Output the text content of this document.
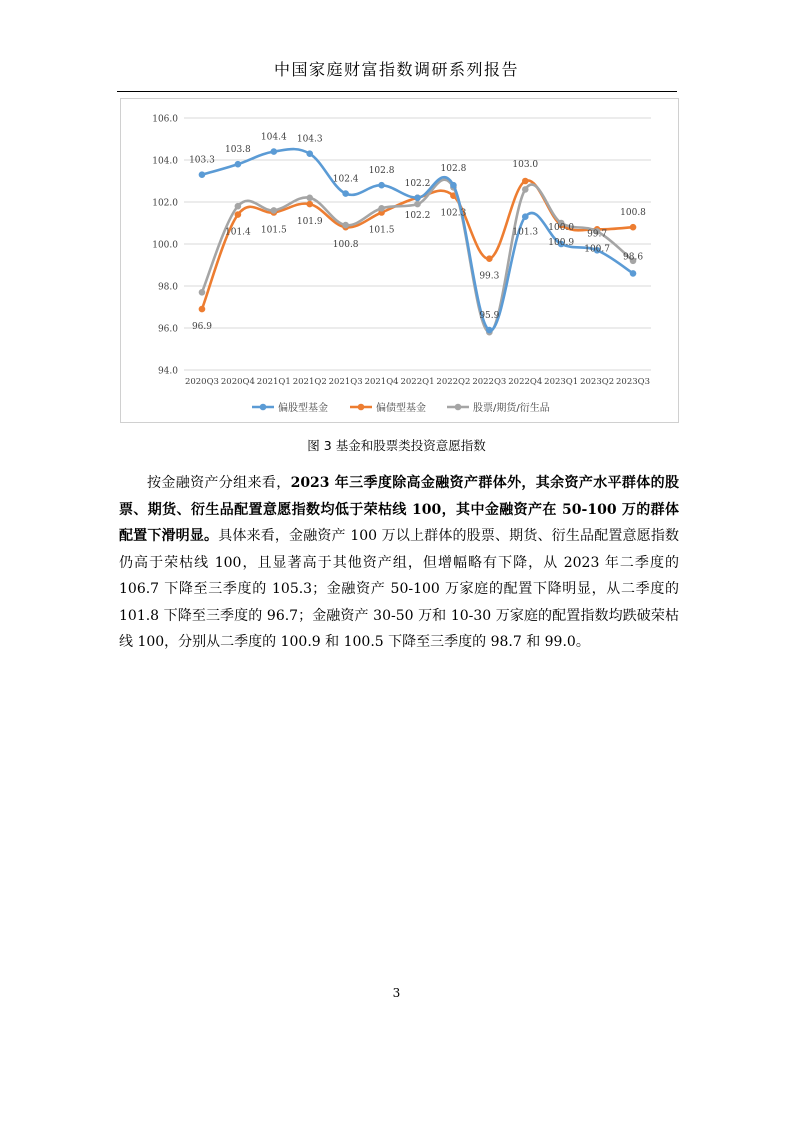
中国家庭财富指数调研系列报告
94.0
96.0
98.0
100.0
102.0
104.0
106.0
2020Q3 2020Q4 2021Q1 2021Q2 2021Q3 2021Q4 2022Q1 2022Q2 2022Q3 2022Q4 2023Q1 2023Q2 2023Q3
103.3
103.8
104.4 104.3
102.4
102.8
102.2
102.8
95.9
101.3 100.0
99.7
98.6
96.9
101.4 101.5
101.9
100.8
101.5
102.2 102.3
99.3
103.0
100.9
100.7
100.8
偏股型基金	偏债型基金	股票/期货/衍生品
图 3 基金和股票类投资意愿指数

按金融资产分组来看，2023 年三季度除高金融资产群体外，其余资产水平群体的股票、期货、衍生品配置意愿指数均低于荣枯线 100，其中金融资产在 50-100 万的群体配置下滑明显。具体来看，金融资产 100 万以上群体的股票、期货、衍生品配置意愿指数仍高于荣枯线 100，且显著高于其他资产组，但增幅略有下降，从 2023 年二季度的 106.7 下降至三季度的 105.3；金融资产 50-100 万家庭的配置下降明显，从二季度的 101.8 下降至三季度的 96.7；金融资产 30-50 万和 10-30 万家庭的配置指数均跌破荣枯线 100，分别从二季度的 100.9 和 100.5 下降至三季度的 98.7 和 99.0。

3
